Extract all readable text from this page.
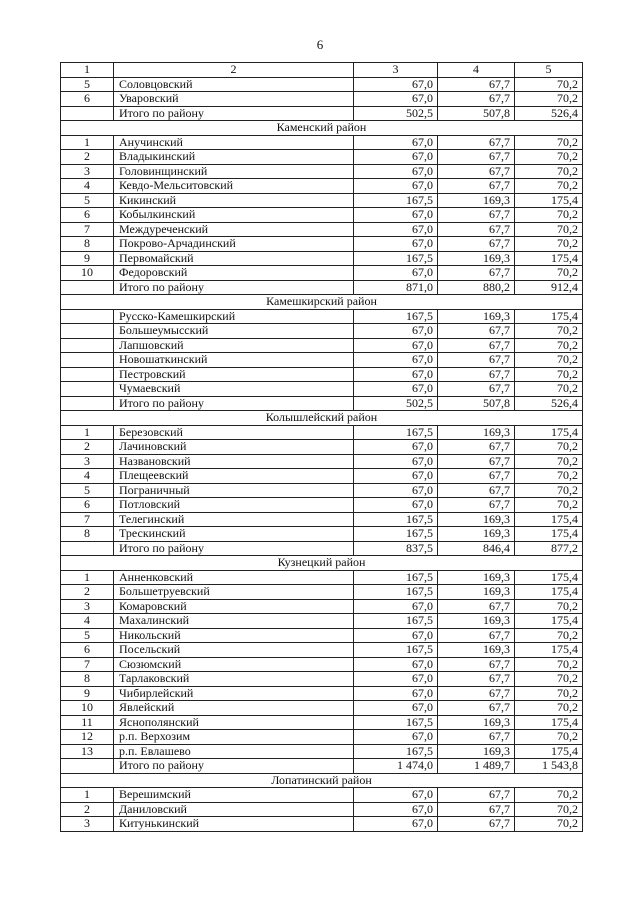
6
1	2	3	4	5
5	Соловцовский	67,0	67,7	70,2
6	Уваровский	67,0	67,7	70,2
	Итого по району	502,5	507,8	526,4
Каменский район				
1	Анучинский	67,0	67,7	70,2
2	Владыкинский	67,0	67,7	70,2
3	Головинщинский	67,0	67,7	70,2
4	Кевдо-Мельситовский	67,0	67,7	70,2
5	Кикинский	167,5	169,3	175,4
6	Кобылкинский	67,0	67,7	70,2
7	Междуреченский	67,0	67,7	70,2
8	Покрово-Арчадинский	67,0	67,7	70,2
9	Первомайский	167,5	169,3	175,4
10	Федоровский	67,0	67,7	70,2
	Итого по району	871,0	880,2	912,4
Камешкирский район				
	Русско-Камешкирский	167,5	169,3	175,4
	Большеумысский	67,0	67,7	70,2
	Лапшовский	67,0	67,7	70,2
	Новошаткинский	67,0	67,7	70,2
	Пестровский	67,0	67,7	70,2
	Чумаевский	67,0	67,7	70,2
	Итого по району	502,5	507,8	526,4
Колышлейский район				
1	Березовский	167,5	169,3	175,4
2	Лачиновский	67,0	67,7	70,2
3	Названовский	67,0	67,7	70,2
4	Плещеевский	67,0	67,7	70,2
5	Пограничный	67,0	67,7	70,2
6	Потловский	67,0	67,7	70,2
7	Телегинский	167,5	169,3	175,4
8	Трескинский	167,5	169,3	175,4
	Итого по району	837,5	846,4	877,2
Кузнецкий район				
1	Анненковский	167,5	169,3	175,4
2	Большетруевский	167,5	169,3	175,4
3	Комаровский	67,0	67,7	70,2
4	Махалинский	167,5	169,3	175,4
5	Никольский	67,0	67,7	70,2
6	Посельский	167,5	169,3	175,4
7	Сюзюмский	67,0	67,7	70,2
8	Тарлаковский	67,0	67,7	70,2
9	Чибирлейский	67,0	67,7	70,2
10	Явлейский	67,0	67,7	70,2
11	Яснополянский	167,5	169,3	175,4
12	р.п. Верхозим	67,0	67,7	70,2
13	р.п. Евлашево	167,5	169,3	175,4
	Итого по району	1 474,0	1 489,7	1 543,8
Лопатинский район				
1	Верешимский	67,0	67,7	70,2
2	Даниловский	67,0	67,7	70,2
3	Китунькинский	67,0	67,7	70,2
